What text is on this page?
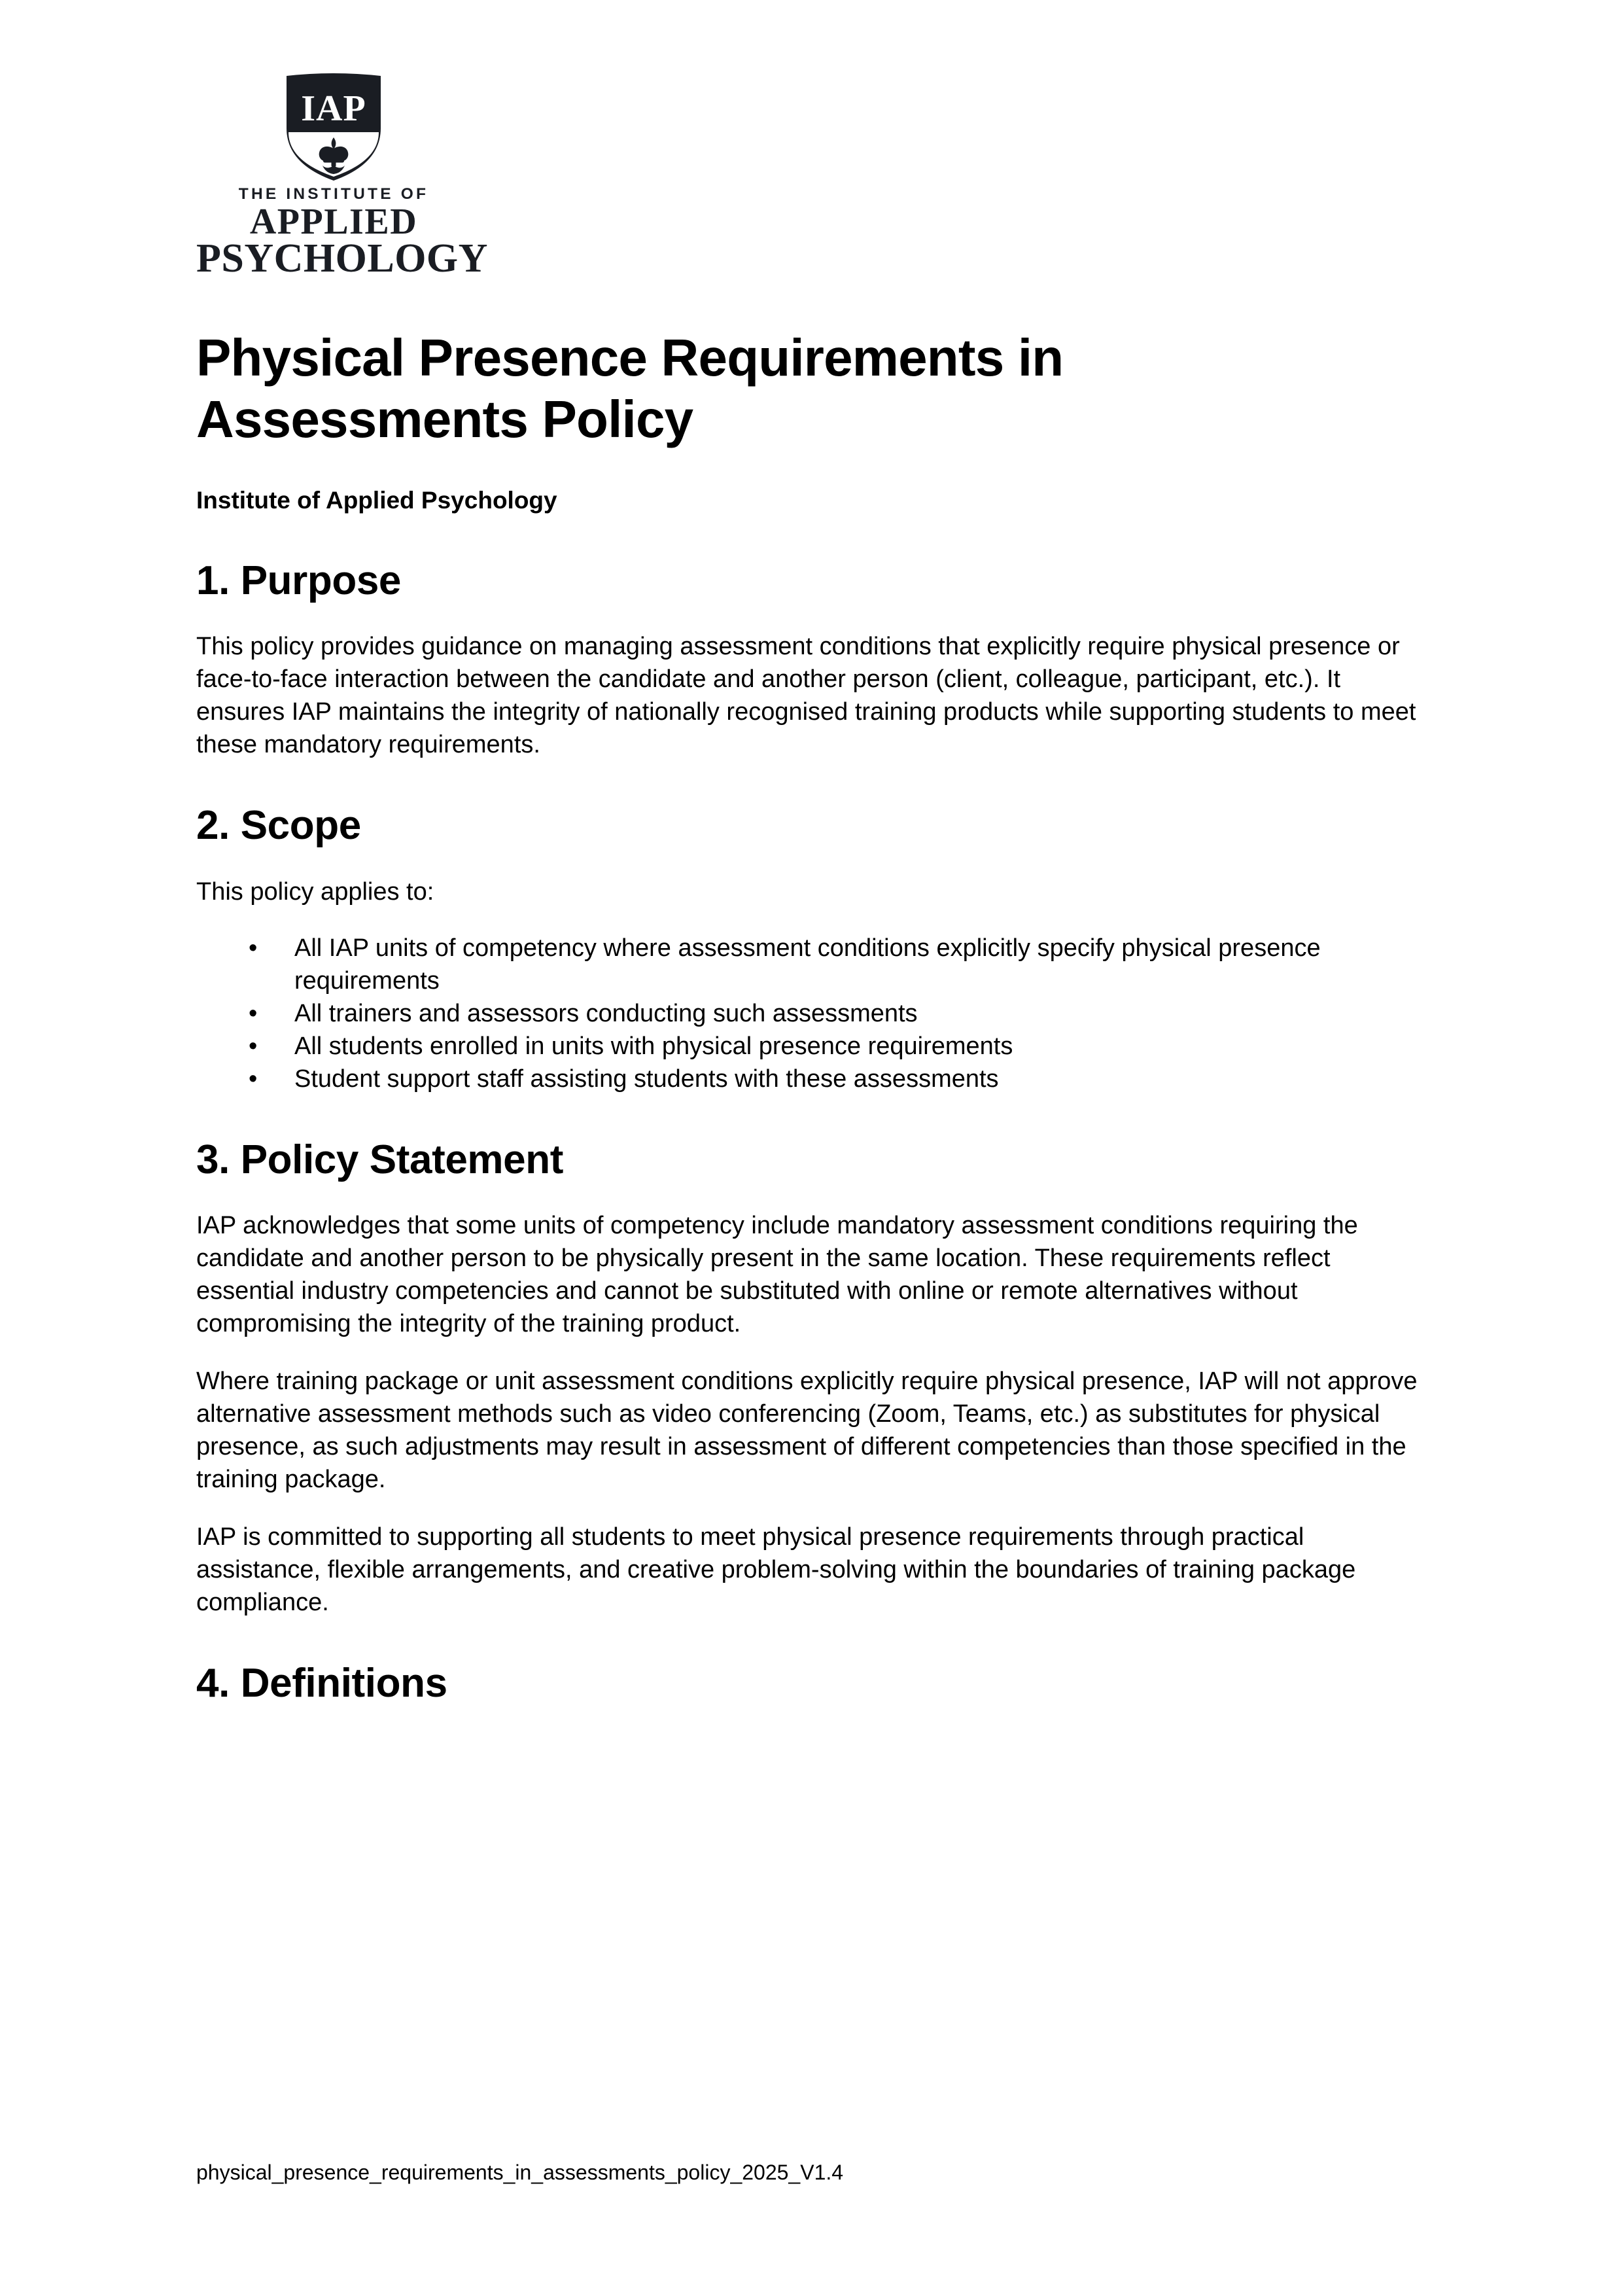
IAP
THE INSTITUTE OF
APPLIED
PSYCHOLOGY
Physical Presence Requirements in Assessments Policy

Institute of Applied Psychology

1. Purpose

This policy provides guidance on managing assessment conditions that explicitly require physical presence or face-to-face interaction between the candidate and another person (client, colleague, participant, etc.). It ensures IAP maintains the integrity of nationally recognised training products while supporting students to meet these mandatory requirements.

2. Scope

This policy applies to:

• All IAP units of competency where assessment conditions explicitly specify physical presence requirements
• All trainers and assessors conducting such assessments
• All students enrolled in units with physical presence requirements
• Student support staff assisting students with these assessments
3. Policy Statement

IAP acknowledges that some units of competency include mandatory assessment conditions requiring the candidate and another person to be physically present in the same location. These requirements reflect essential industry competencies and cannot be substituted with online or remote alternatives without compromising the integrity of the training product.

Where training package or unit assessment conditions explicitly require physical presence, IAP will not approve alternative assessment methods such as video conferencing (Zoom, Teams, etc.) as substitutes for physical presence, as such adjustments may result in assessment of different competencies than those specified in the training package.

IAP is committed to supporting all students to meet physical presence requirements through practical assistance, flexible arrangements, and creative problem-solving within the boundaries of training package compliance.

4. Definitions
physical_presence_requirements_in_assessments_policy_2025_V1.4
